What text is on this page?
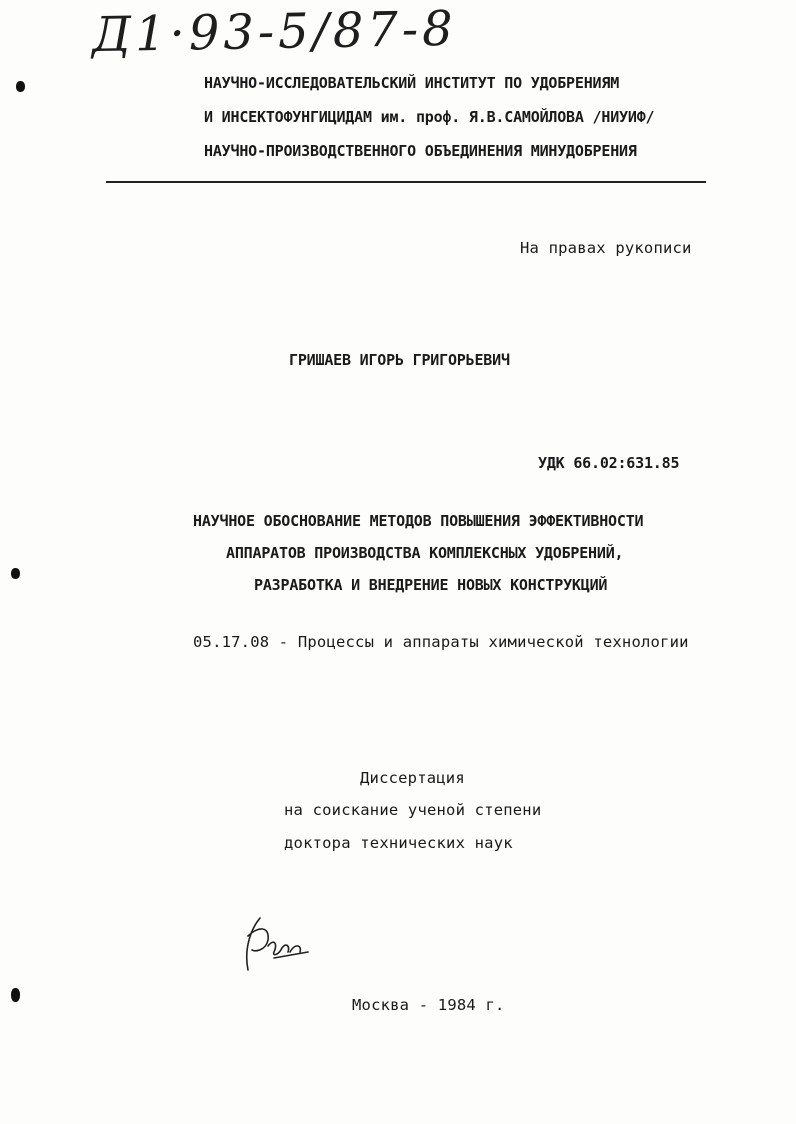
Д1·93-5/87-8
НАУЧНО-ИССЛЕДОВАТЕЛЬСКИЙ ИНСТИТУТ ПО УДОБРЕНИЯМ
И ИНСЕКТОФУНГИЦИДАМ им. проф. Я.В.САМОЙЛОВА /НИУИФ/
НАУЧНО-ПРОИЗВОДСТВЕННОГО ОБЪЕДИНЕНИЯ МИНУДОБРЕНИЯ
На правах рукописи
ГРИШАЕВ ИГОРЬ ГРИГОРЬЕВИЧ
УДК 66.02:631.85
НАУЧНОЕ ОБОСНОВАНИЕ МЕТОДОВ ПОВЫШЕНИЯ ЭФФЕКТИВНОСТИ
АППАРАТОВ ПРОИЗВОДСТВА КОМПЛЕКСНЫХ УДОБРЕНИЙ,
РАЗРАБОТКА И ВНЕДРЕНИЕ НОВЫХ КОНСТРУКЦИЙ
05.17.08 - Процессы и аппараты химической технологии
Диссертация
на соискание ученой степени
доктора технических наук
Москва - 1984 г.
